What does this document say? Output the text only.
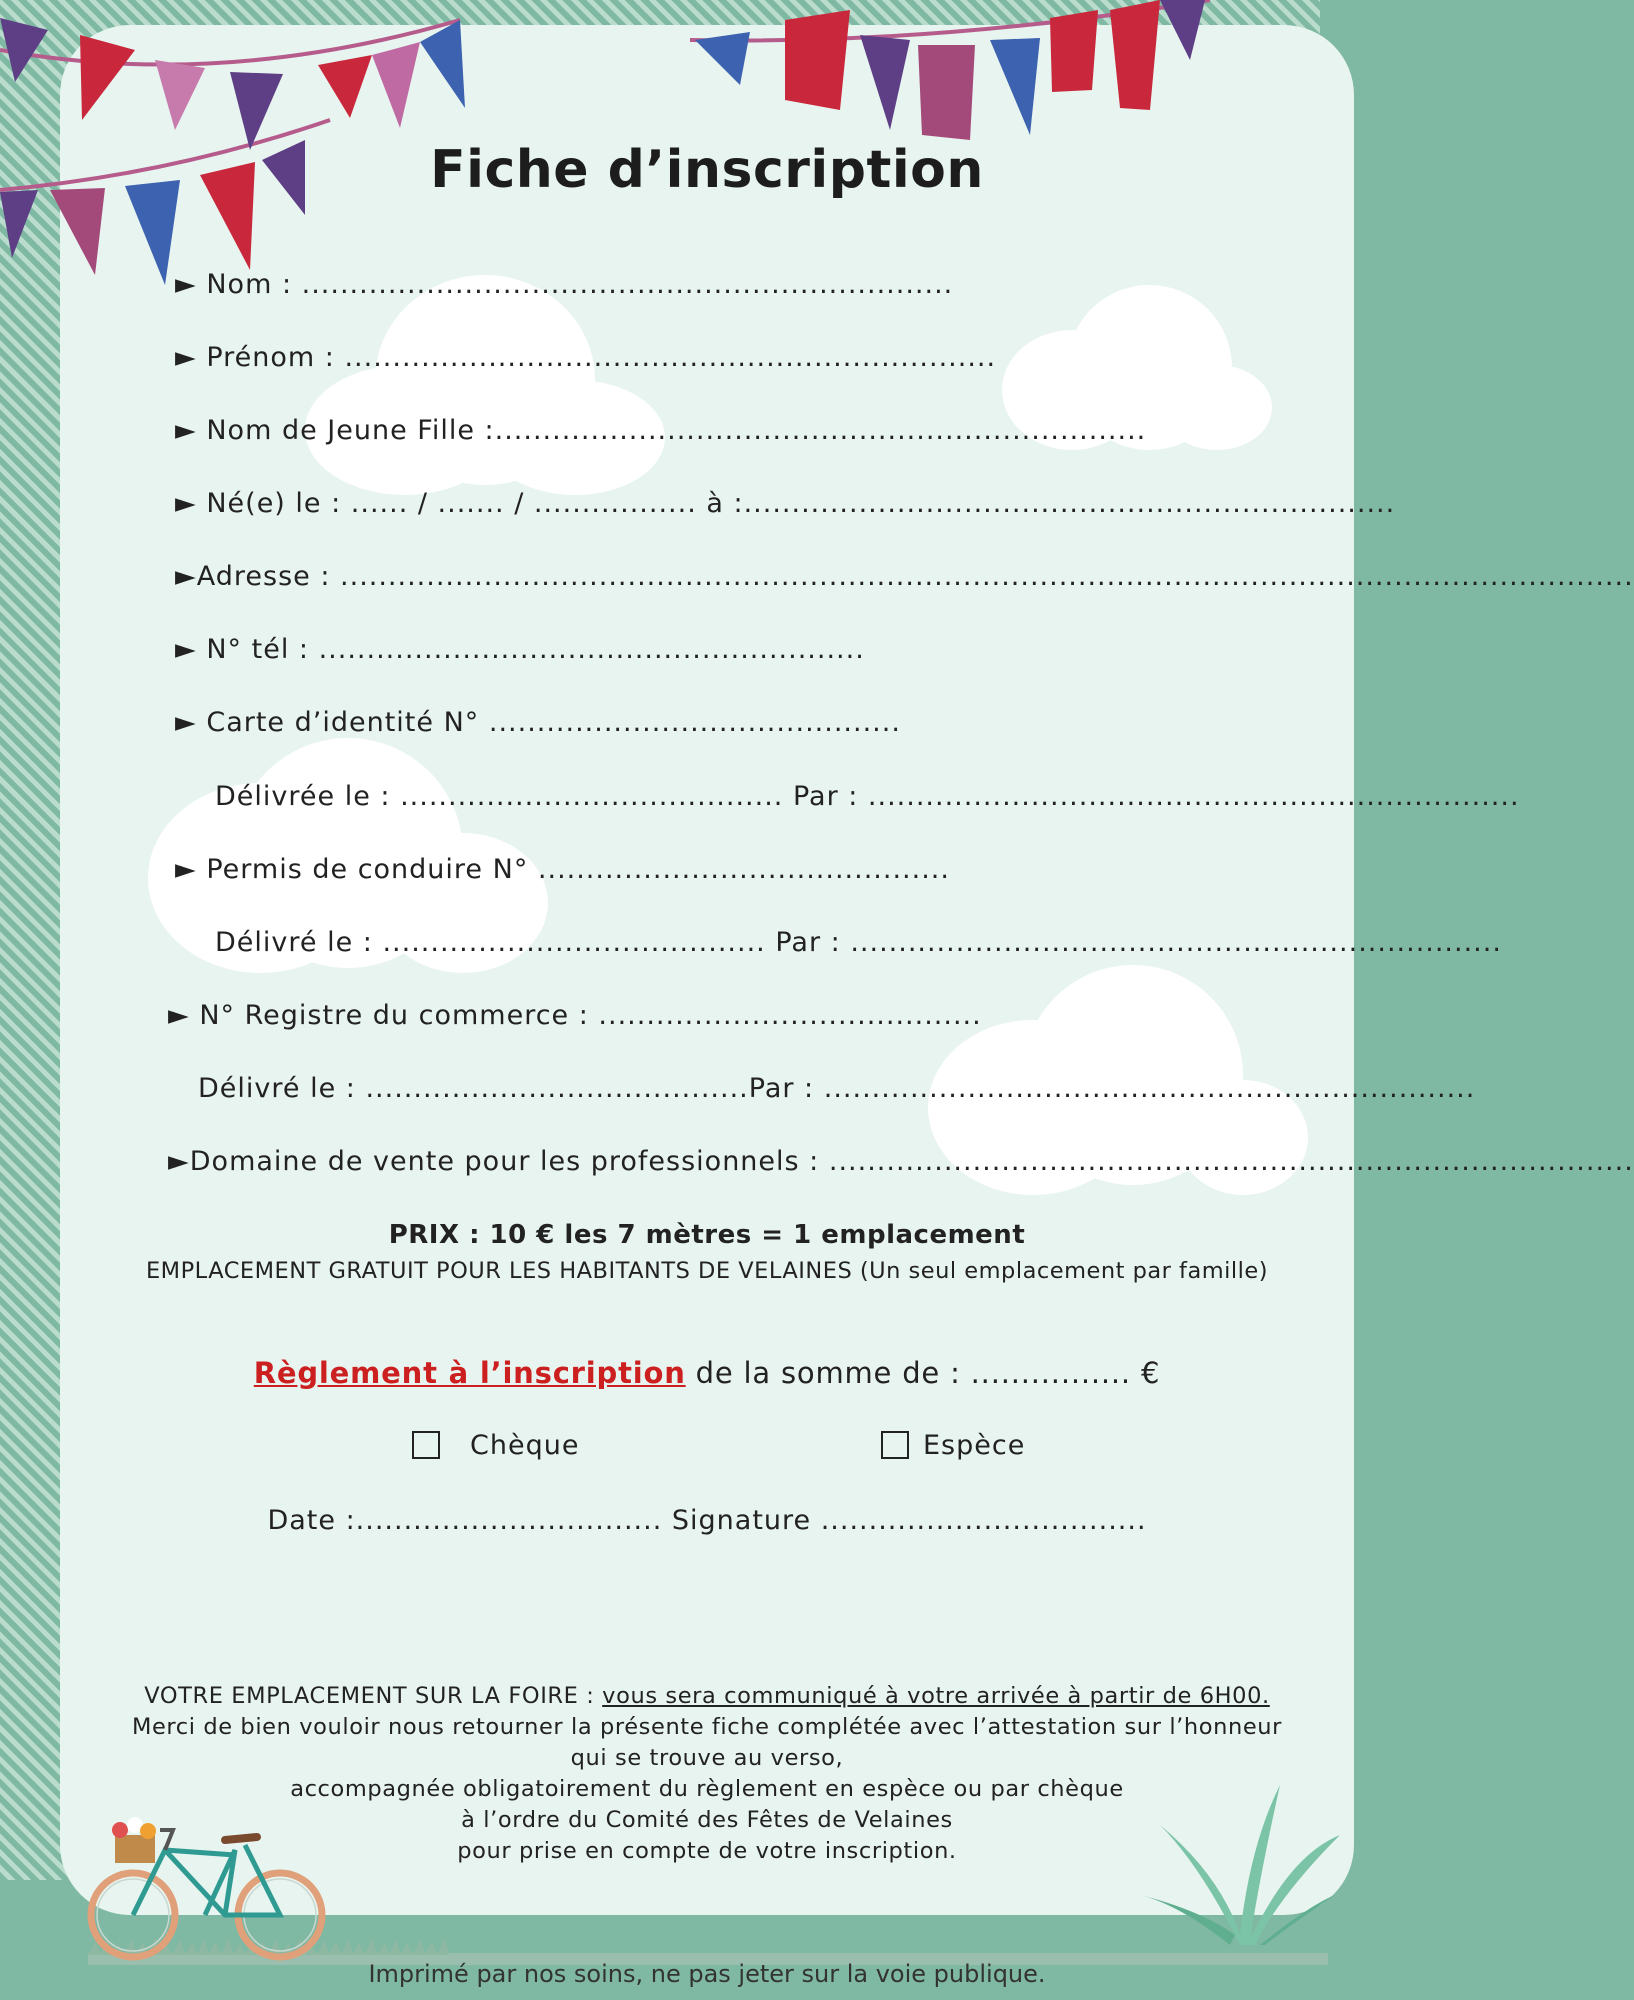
Fiche d’inscription
► Nom : ....................................................................
► Prénom : ....................................................................
► Nom de Jeune Fille :....................................................................
► Né(e) le : ...... / ....... / ................. à :....................................................................
►Adresse : .......................................................................................................................................
► N° tél : .........................................................
► Carte d’identité N° ...........................................
Délivrée le : ........................................ Par : ....................................................................
► Permis de conduire N° ...........................................
Délivré le : ........................................ Par : ....................................................................
► N° Registre du commerce : ........................................
Délivré le : ........................................Par : ....................................................................
►Domaine de vente pour les professionnels : ....................................................................................
PRIX : 10 € les 7 mètres = 1 emplacement
EMPLACEMENT GRATUIT POUR LES HABITANTS DE VELAINES (Un seul emplacement par famille)
Règlement à l’inscription de la somme de : ................ €
Chèque	Espèce
Date :................................ Signature ..................................
VOTRE EMPLACEMENT SUR LA FOIRE : vous sera communiqué à votre arrivée à partir de 6H00.
Merci de bien vouloir nous retourner la présente fiche complétée avec l’attestation sur l’honneur
qui se trouve au verso,
accompagnée obligatoirement du règlement en espèce ou par chèque
à l’ordre du Comité des Fêtes de Velaines
pour prise en compte de votre inscription.
Imprimé par nos soins, ne pas jeter sur la voie publique.
